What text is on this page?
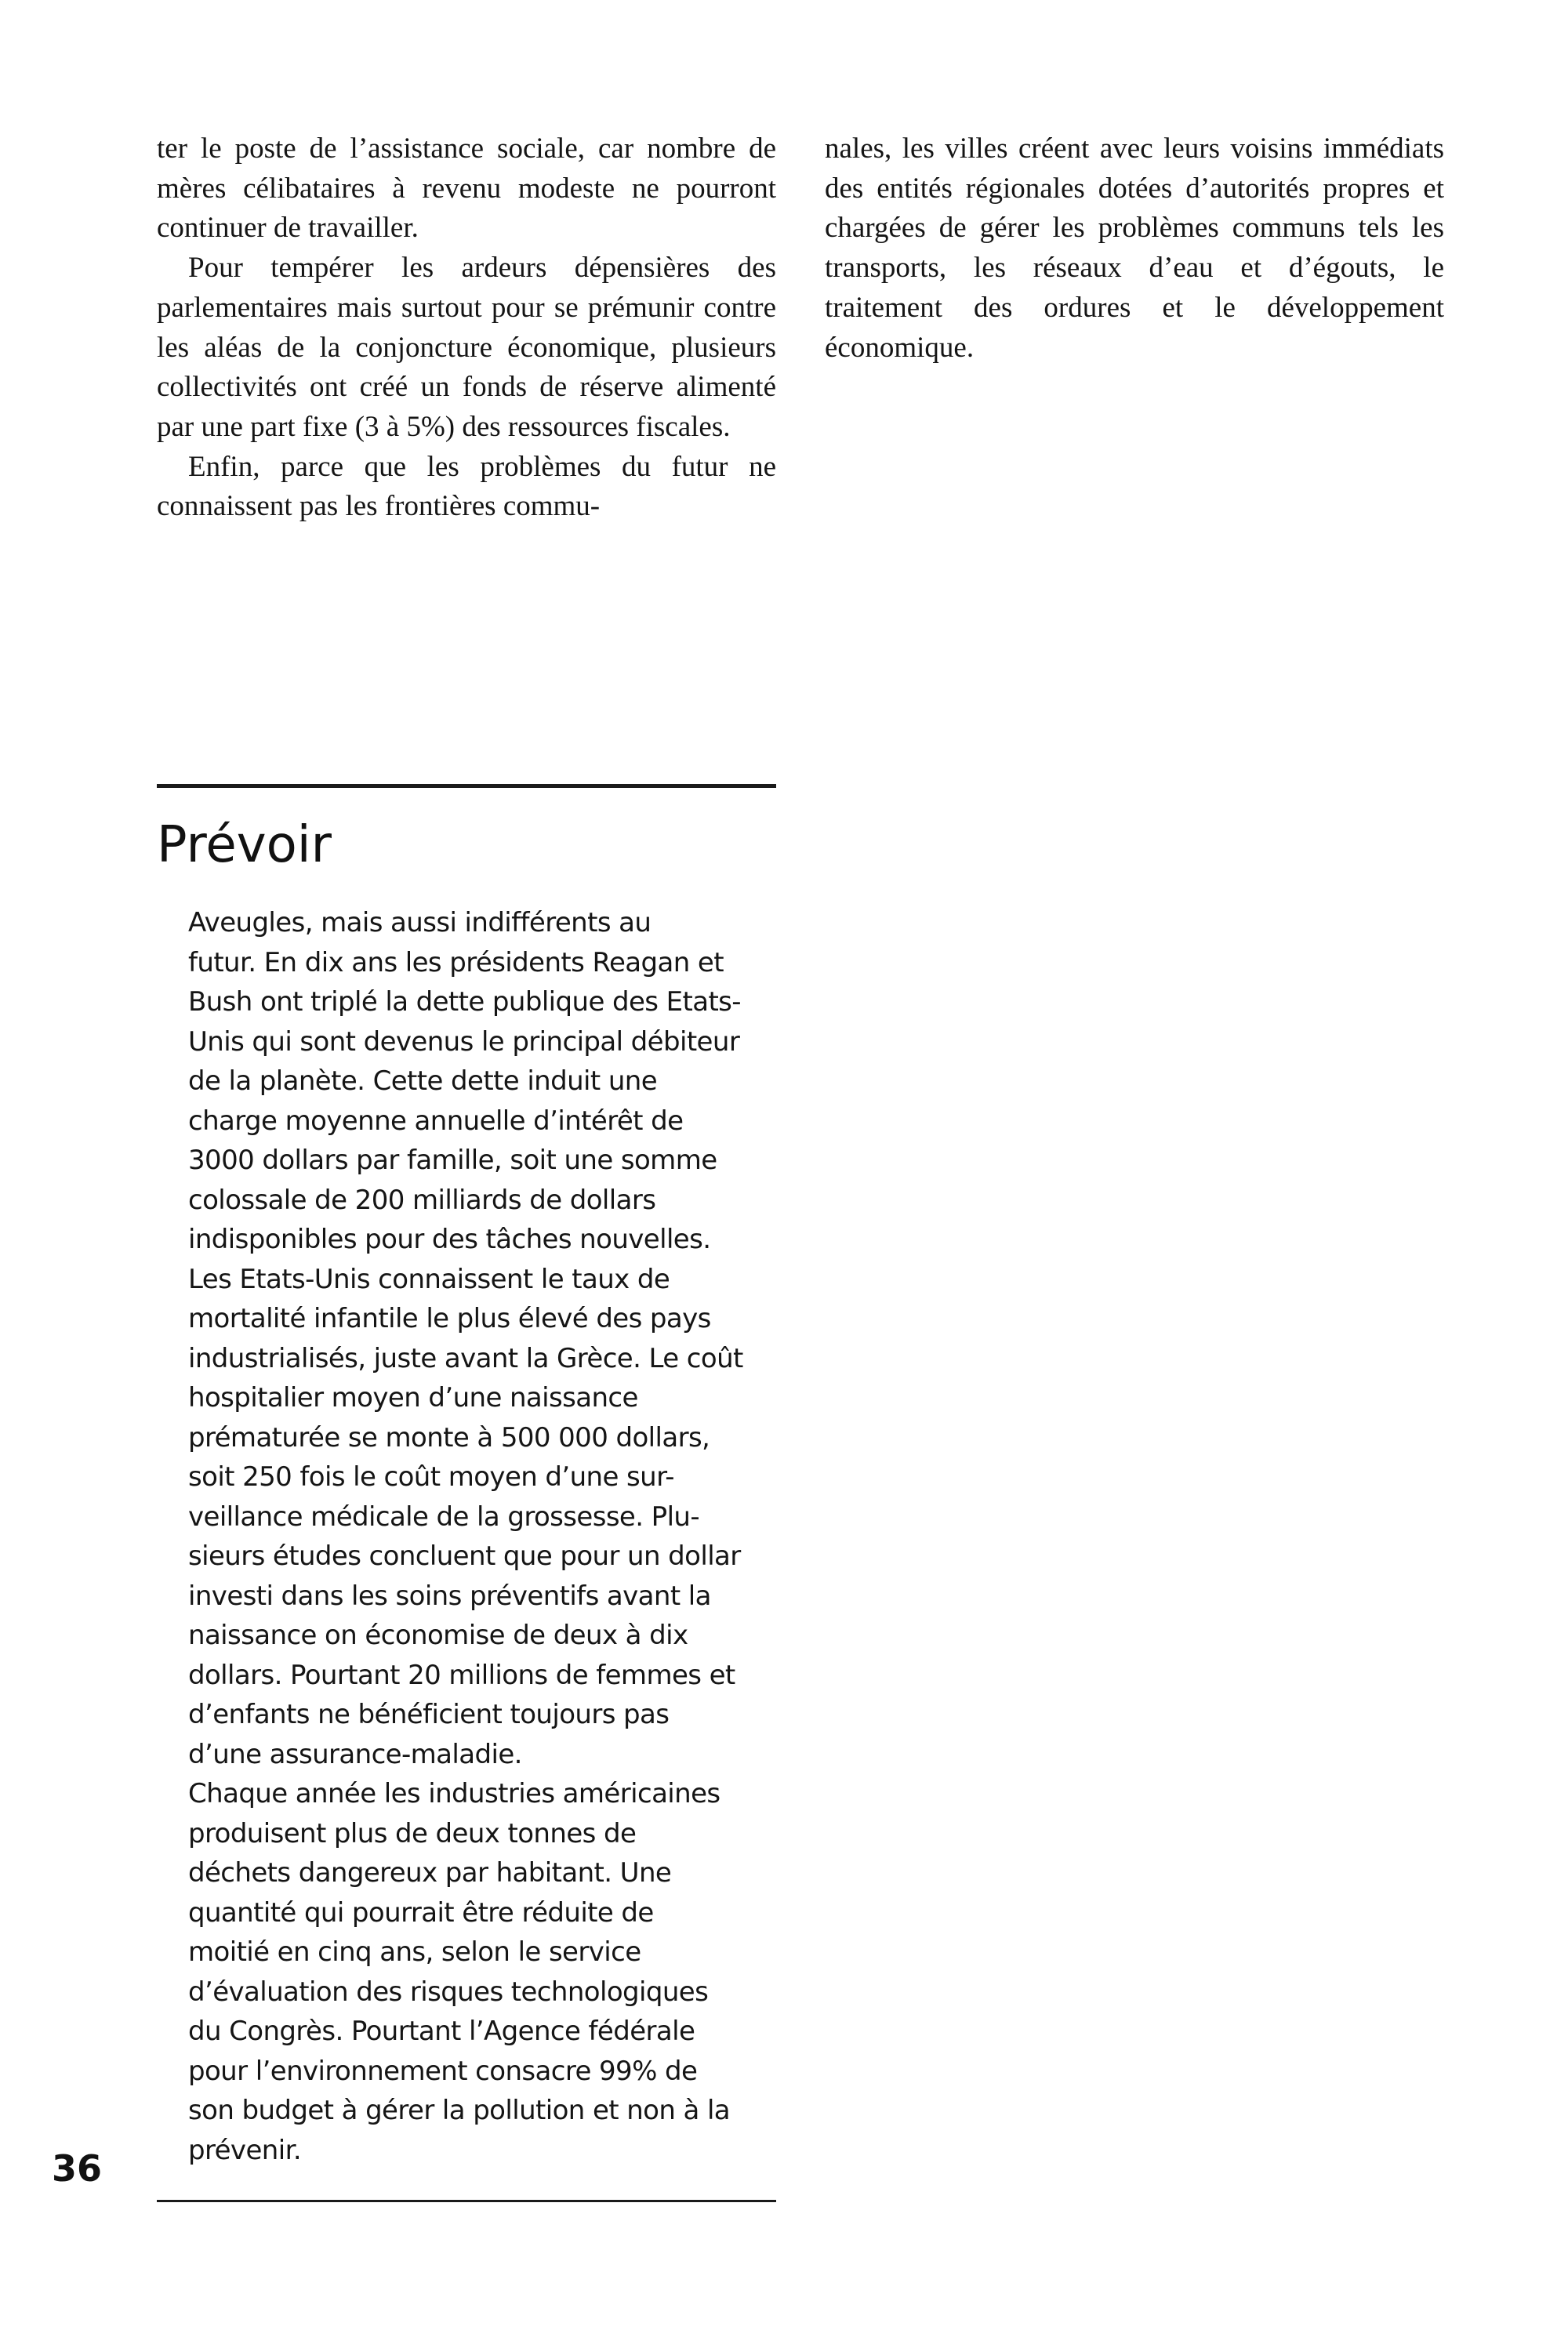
ter le poste de l’assistance sociale, car nombre de mères célibataires à revenu modeste ne pourront continuer de travailler.

Pour tempérer les ardeurs dépensières des parlementaires mais surtout pour se prémunir contre les aléas de la conjoncture économique, plusieurs collectivités ont créé un fonds de réserve alimenté par une part fixe (3 à 5%) des ressources fiscales.

Enfin, parce que les problèmes du futur ne connaissent pas les frontières commu-

nales, les villes créent avec leurs voisins immédiats des entités régionales dotées d’autorités propres et chargées de gérer les problèmes communs tels les transports, les réseaux d’eau et d’égouts, le traitement des ordures et le développement économique.

Prévoir

Aveugles, mais aussi indifférents au
futur. En dix ans les présidents Reagan et
Bush ont triplé la dette publique des Etats-
Unis qui sont devenus le principal débiteur
de la planète. Cette dette induit une
charge moyenne annuelle d’intérêt de
3000 dollars par famille, soit une somme
colossale de 200 milliards de dollars
indisponibles pour des tâches nouvelles.

Les Etats-Unis connaissent le taux de
mortalité infantile le plus élevé des pays
industrialisés, juste avant la Grèce. Le coût
hospitalier moyen d’une naissance
prématurée se monte à 500 000 dollars,
soit 250 fois le coût moyen d’une sur-
veillance médicale de la grossesse. Plu-
sieurs études concluent que pour un dollar
investi dans les soins préventifs avant la
naissance on économise de deux à dix
dollars. Pourtant 20 millions de femmes et
d’enfants ne bénéficient toujours pas
d’une assurance-maladie.

Chaque année les industries américaines
produisent plus de deux tonnes de
déchets dangereux par habitant. Une
quantité qui pourrait être réduite de
moitié en cinq ans, selon le service
d’évaluation des risques technologiques
du Congrès. Pourtant l’Agence fédérale
pour l’environnement consacre 99% de
son budget à gérer la pollution et non à la
prévenir.

36
